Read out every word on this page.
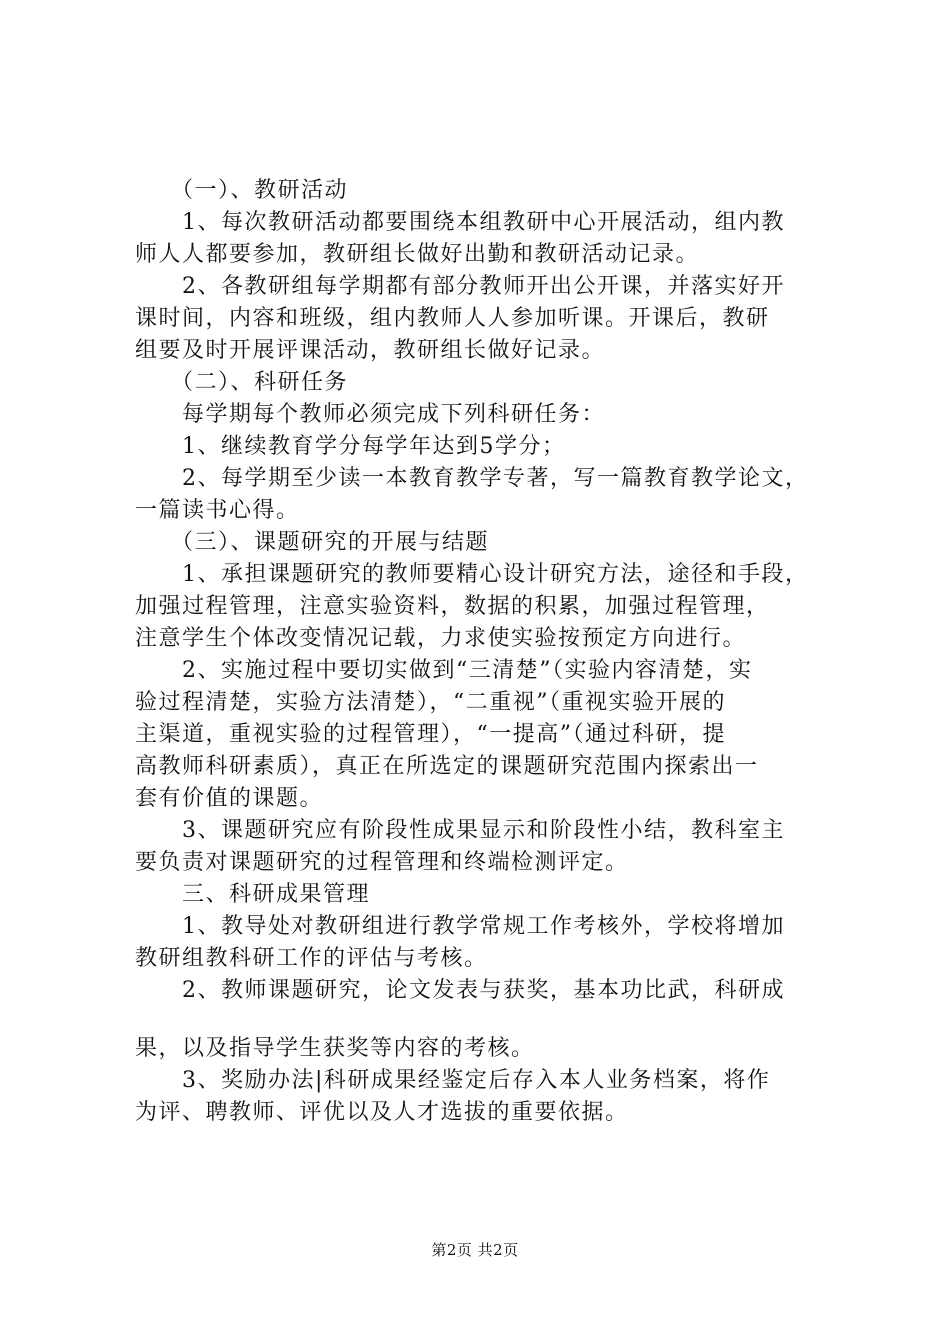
　　（一）、教研活动
　　1、每次教研活动都要围绕本组教研中心开展活动，组内教
师人人都要参加，教研组长做好出勤和教研活动记录。
　　2、各教研组每学期都有部分教师开出公开课，并落实好开
课时间，内容和班级，组内教师人人参加听课。开课后，教研
组要及时开展评课活动，教研组长做好记录。
　　（二）、科研任务
　　每学期每个教师必须完成下列科研任务：
　　1、继续教育学分每学年达到5学分；
　　2、每学期至少读一本教育教学专著，写一篇教育教学论文，
一篇读书心得。
　　（三）、课题研究的开展与结题
　　1、承担课题研究的教师要精心设计研究方法，途径和手段，
加强过程管理，注意实验资料，数据的积累，加强过程管理，
注意学生个体改变情况记载，力求使实验按预定方向进行。
　　2、实施过程中要切实做到“三清楚”（实验内容清楚，实
验过程清楚，实验方法清楚），“二重视”（重视实验开展的
主渠道，重视实验的过程管理），“一提高”（通过科研，提
高教师科研素质），真正在所选定的课题研究范围内探索出一
套有价值的课题。
　　3、课题研究应有阶段性成果显示和阶段性小结，教科室主
要负责对课题研究的过程管理和终端检测评定。
　　三、科研成果管理
　　1、教导处对教研组进行教学常规工作考核外，学校将增加
教研组教科研工作的评估与考核。
　　2、教师课题研究，论文发表与获奖，基本功比武，科研成
果，以及指导学生获奖等内容的考核。
　　3、奖励办法|科研成果经鉴定后存入本人业务档案，将作
为评、聘教师、评优以及人才选拔的重要依据。
第2页 共2页
